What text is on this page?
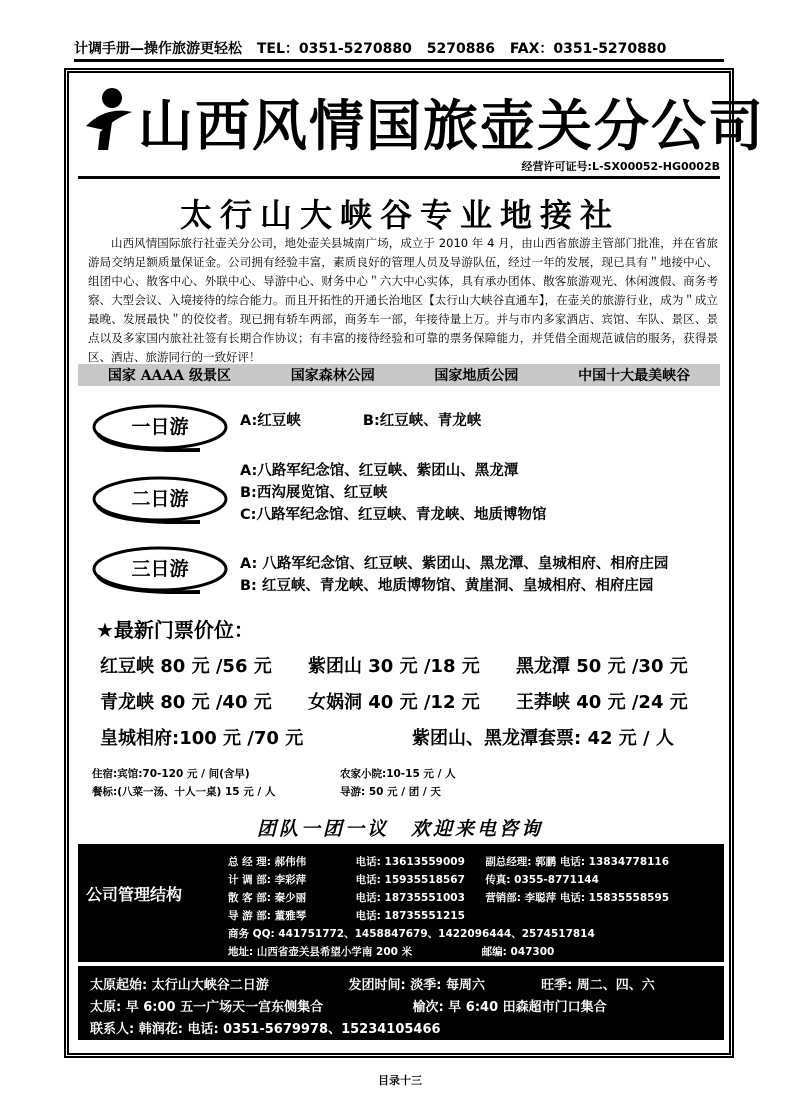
计调手册—操作旅游更轻松 TEL：0351-5270880 5270886 FAX：0351-5270880
山西风情国旅壶关分公司
经营许可证号:L-SX00052-HG0002B
太行山大峡谷专业地接社

山西风情国际旅行社壶关分公司，地处壶关县城南广场，成立于 2010 年 4 月，由山西省旅游主管部门批准，并在省旅游局交纳足额质量保证金。公司拥有经验丰富，素质良好的管理人员及导游队伍，经过一年的发展，现已具有＂地接中心、组团中心、散客中心、外联中心、导游中心、财务中心＂六大中心实体，具有承办团体、散客旅游观光、休闲渡假、商务考察、大型会议、入境接待的综合能力。而且开拓性的开通长治地区【太行山大峡谷直通车】，在壶关的旅游行业，成为＂成立最晚、发展最快＂的佼佼者。现已拥有轿车两部，商务车一部，年接待量上万。并与市内多家酒店、宾馆、车队、景区、景点以及多家国内旅社社签有长期合作协议；有丰富的接待经验和可靠的票务保障能力，并凭借全面规范诚信的服务，获得景区、酒店、旅游同行的一致好评！

国家 AAAA 级景区	国家森林公园	国家地质公园	中国十大最美峡谷
一日游	A:红豆峡	B:红豆峡、青龙峡
二日游
A:八路军纪念馆、红豆峡、紫团山、黑龙潭
B:西沟展览馆、红豆峡
C:八路军纪念馆、红豆峡、青龙峡、地质博物馆
三日游	A: 八路军纪念馆、红豆峡、紫团山、黑龙潭、皇城相府、相府庄园
B: 红豆峡、青龙峡、地质博物馆、黄崖洞、皇城相府、相府庄园
★最新门票价位：
红豆峡 80 元 /56 元 紫团山 30 元 /18 元 黑龙潭 50 元 /30 元
青龙峡 80 元 /40 元 女娲洞 40 元 /12 元 王莽峡 40 元 /24 元
皇城相府:100 元 /70 元	紫团山、黑龙潭套票: 42 元 / 人
住宿:宾馆:70-120 元 / 间(含早)	农家小院:10-15 元 / 人
餐标:(八菜一汤、十人一桌) 15 元 / 人	导游: 50 元 / 团 / 天
团队一团一议　欢迎来电咨询
公司管理结构
总 经 理: 郝伟伟	电话: 13613559009 副总经理: 郭鹏 电话: 13834778116
计 调 部: 李彩萍	电话: 15935518567 传真: 0355-8771144
散 客 部: 秦少丽	电话: 18735551003 营销部: 李聪萍 电话: 15835558595
导 游 部: 董雅琴	电话: 18735551215
商务 QQ: 441751772、1458847679、1422096444、2574517814
地址: 山西省壶关县希望小学南 200 米	邮编: 047300
太原起始: 太行山大峡谷二日游	发团时间: 淡季: 每周六	旺季: 周二、四、六
太原: 早 6:00 五一广场天一宫东侧集合	榆次: 早 6:40 田森超市门口集合
联系人: 韩润花: 电话: 0351-5679978、15234105466
目录十三
